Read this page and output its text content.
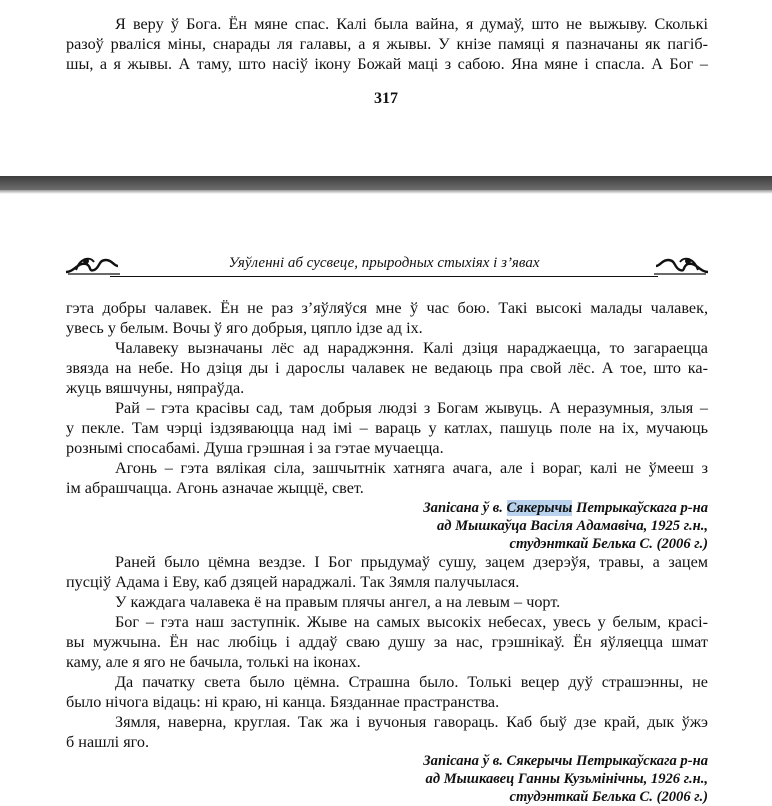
Я веру ў Бога. Ён мяне спас. Калі была вайна, я думаў, што не выжыву. Сколькі
разоў рваліся міны, снарады ля галавы, а я жывы. У кнізе памяці я пазначаны як пагіб-
шы, а я жывы. А таму, што насіў ікону Божай маці з сабою. Яна мяне і спасла. А Бог –
317
Уяўленні аб сусвеце, прыродных стыхіях і з’явах
гэта добры чалавек. Ён не раз з’яўляўся мне ў час бою. Такі высокі малады чалавек,
увесь у белым. Вочы ў яго добрыя, цяпло ідзе ад іх.
Чалавеку вызначаны лёс ад нараджэння. Калі дзіця нараджаецца, то загараецца
звязда на небе. Но дзіця ды і дарослы чалавек не ведаюць пра свой лёс. А тое, што ка-
жуць вяшчуны, няпраўда.
Рай – гэта красівы сад, там добрыя людзі з Богам жывуць. А неразумныя, злыя –
у пекле. Там чэрці іздзяваюцца над імі – вараць у катлах, пашуць поле на іх, мучаюць
рознымі спосабамі. Душа грэшная і за гэтае мучаецца.
Агонь – гэта вялікая сіла, зашчытнік хатняга ачага, але і вораг, калі не ўмееш з
ім абрашчацца. Агонь азначае жыццё, свет.
Запісана ў в. Сякерычы Петрыкаўскага р-на
ад Мышкаўца Васіля Адамавіча, 1925 г.н.,
студэнткай Белька С. (2006 г.)
Раней было цёмна вездзе. І Бог прыдумаў сушу, зацем дзерэўя, травы, а зацем
пусціў Адама і Еву, каб дзяцей нараджалі. Так Зямля палучылася.
У каждага чалавека ё на правым плячы ангел, а на левым – чорт.
Бог – гэта наш заступнік. Жыве на самых высокіх небесах, увесь у белым, красі-
вы мужчына. Ён нас любіць і аддаў сваю душу за нас, грэшнікаў. Ён яўляецца шмат
каму, але я яго не бачыла, толькі на іконах.
Да пачатку света было цёмна. Страшна было. Толькі вецер дуў страшэнны, не
было нічога відаць: ні краю, ні канца. Бязданнае прастранства.
Зямля, наверна, круглая. Так жа і вучоныя гавораць. Каб быў дзе край, дык ўжэ
б нашлі яго.
Запісана ў в. Сякерычы Петрыкаўскага р-на
ад Мышкавец Ганны Кузьмінічны, 1926 г.н.,
студэнткай Белька С. (2006 г.)
